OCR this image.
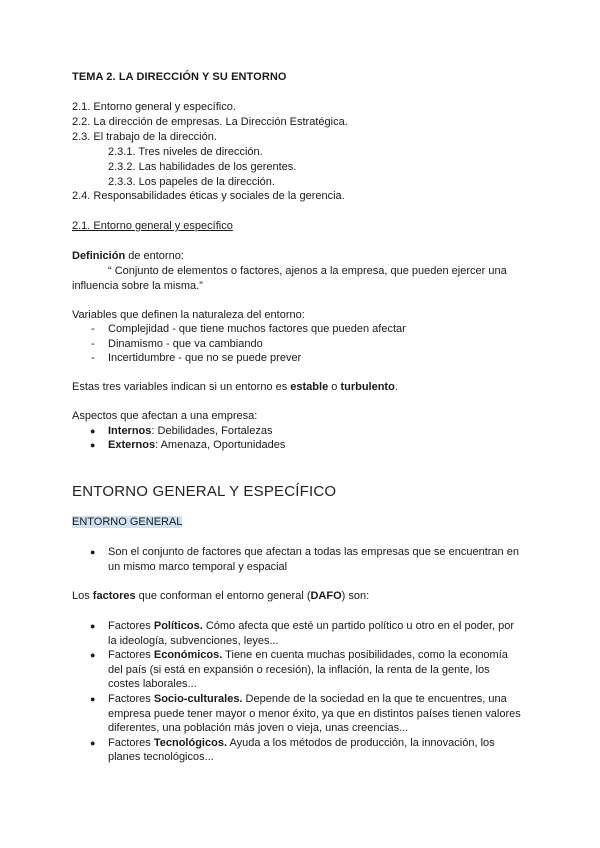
TEMA 2. LA DIRECCIÓN Y SU ENTORNO
2.1. Entorno general y específico.
2.2. La dirección de empresas. La Dirección Estratégica.
2.3. El trabajo de la dirección.
2.3.1. Tres niveles de dirección.
2.3.2. Las habilidades de los gerentes.
2.3.3. Los papeles de la dirección.
2.4. Responsabilidades éticas y sociales de la gerencia.
2.1. Entorno general y específico
Definición de entorno:
“ Conjunto de elementos o factores, ajenos a la empresa, que pueden ejercer una
influencia sobre la misma.”
Variables que definen la naturaleza del entorno:
-	Complejidad - que tiene muchos factores que pueden afectar
-	Dinamismo - que va cambiando
-	Incertidumbre - que no se puede prever
Estas tres variables indican si un entorno es estable o turbulento.
Aspectos que afectan a una empresa:
● Internos: Debilidades, Fortalezas
● Externos: Amenaza, Oportunidades
ENTORNO GENERAL Y ESPECÍFICO
ENTORNO GENERAL
● Son el conjunto de factores que afectan a todas las empresas que se encuentran en
un mismo marco temporal y espacial
Los factores que conforman el entorno general (DAFO) son:
● Factores Políticos. Cómo afecta que esté un partido político u otro en el poder, por
la ideología, subvenciones, leyes...
● Factores Económicos. Tiene en cuenta muchas posibilidades, como la economía
del país (si está en expansión o recesión), la inflación, la renta de la gente, los
costes laborales...
● Factores Socio-culturales. Depende de la sociedad en la que te encuentres, una
empresa puede tener mayor o menor éxito, ya que en distintos países tienen valores
diferentes, una población más joven o vieja, unas creencias...
● Factores Tecnológicos. Ayuda a los métodos de producción, la innovación, los
planes tecnológicos...
